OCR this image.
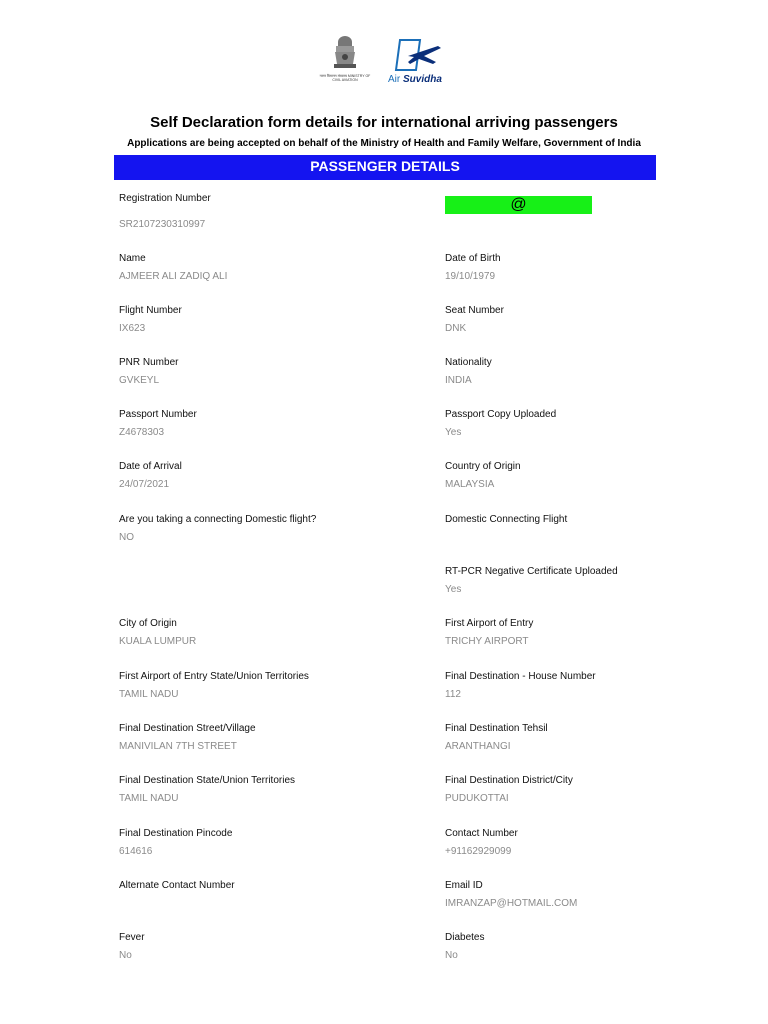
नागर विमानन मंत्रालय MINISTRY OF CIVIL AVIATION	Air Suvidha
Self Declaration form details for international arriving passengers
Applications are being accepted on behalf of the Ministry of Health and Family Welfare, Government of India
PASSENGER DETAILS
@
Registration Number
SR2107230310997
Name
AJMEER ALI ZADIQ ALI
Date of Birth
19/10/1979
Flight Number
IX623
Seat Number
DNK
PNR Number
GVKEYL
Nationality
INDIA
Passport Number
Z4678303
Passport Copy Uploaded
Yes
Date of Arrival
24/07/2021
Country of Origin
MALAYSIA
Are you taking a connecting Domestic flight?
NO
Domestic Connecting Flight
RT-PCR Negative Certificate Uploaded
Yes
City of Origin
KUALA LUMPUR
First Airport of Entry
TRICHY AIRPORT
First Airport of Entry State/Union Territories
TAMIL NADU
Final Destination - House Number
112
Final Destination Street/Village
MANIVILAN 7TH STREET
Final Destination Tehsil
ARANTHANGI
Final Destination State/Union Territories
TAMIL NADU
Final Destination District/City
PUDUKOTTAI
Final Destination Pincode
614616
Contact Number
+91162929099
Alternate Contact Number	Email ID
IMRANZAP@HOTMAIL.COM
Fever
No
Diabetes
No
